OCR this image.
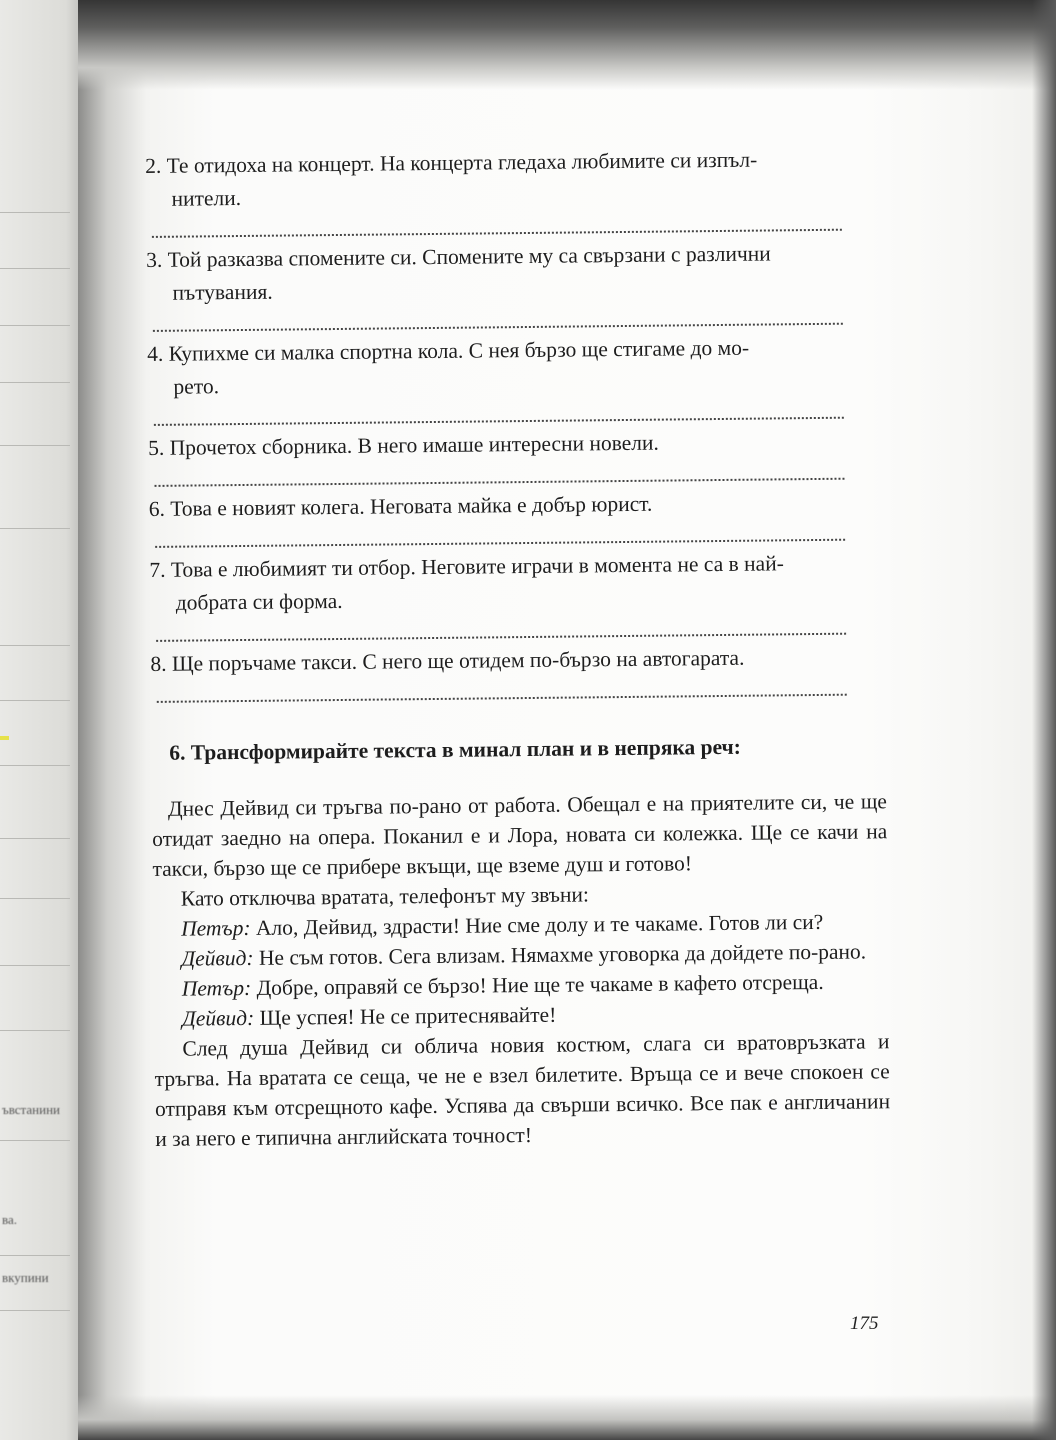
ъвстанини
ва.
вкупини
2. Те отидоха на концерт. На концерта гледаха любимите си изпъл-
нители.
3. Той разказва спомените си. Спомените му са свързани с различни
пътувания.
4. Купихме си малка спортна кола. С нея бързо ще стигаме до мо-
рето.
5. Прочетох сборника. В него имаше интересни новели.
6. Това е новият колега. Неговата майка е добър юрист.
7. Това е любимият ти отбор. Неговите играчи в момента не са в най-
добрата си форма.
8. Ще поръчаме такси. С него ще отидем по-бързо на автогарата.
6. Трансформирайте текста в минал план и в непряка реч:

Днес Дейвид си тръгва по-рано от работа. Обещал е на приятелите си, че ще отидат заедно на опера. Поканил е и Лора, новата си колежка. Ще се качи на такси, бързо ще се прибере вкъщи, ще вземе душ и готово!

Като отключва вратата, телефонът му звъни:

Петър: Ало, Дейвид, здрасти! Ние сме долу и те чакаме. Готов ли си?

Дейвид: Не съм готов. Сега влизам. Нямахме уговорка да дойдете по-рано.

Петър: Добре, оправяй се бързо! Ние ще те чакаме в кафето отсреща.

Дейвид: Ще успея! Не се притеснявайте!

След душа Дейвид си облича новия костюм, слага си вратовръзката и тръгва. На вратата се сеща, че не е взел билетите. Връща се и вече спокоен се отправя към отсрещното кафе. Успява да свърши всичко. Все пак е англичанин и за него е типична английската точност!

175
